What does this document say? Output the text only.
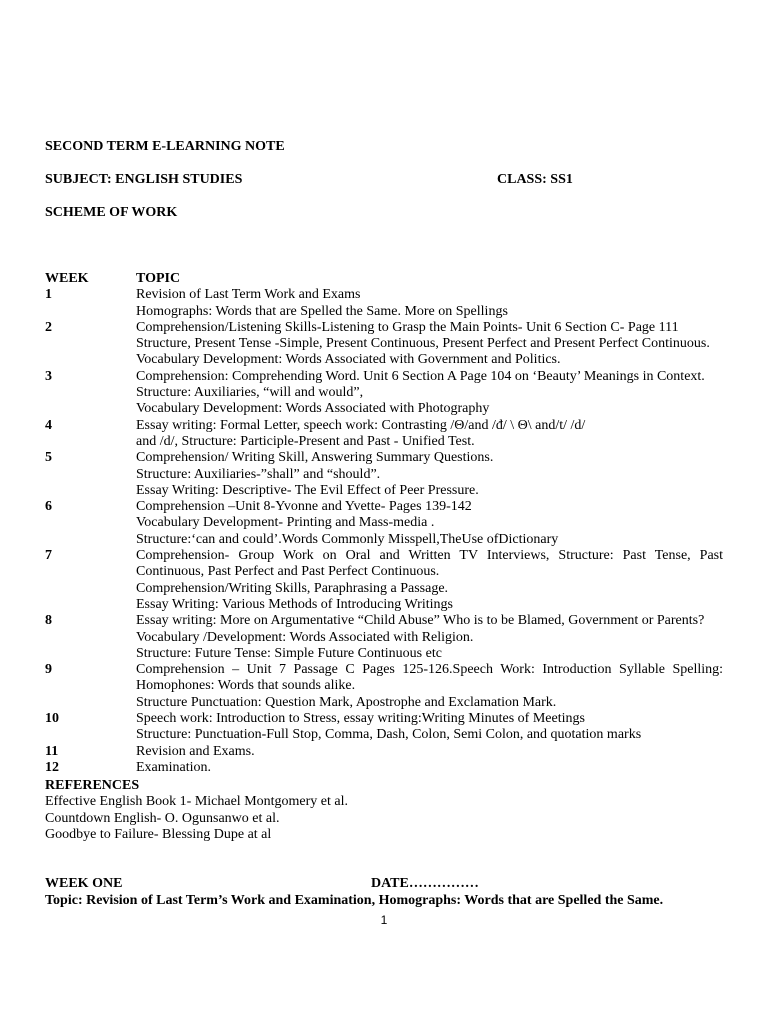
SECOND TERM E-LEARNING NOTE
SUBJECT: ENGLISH STUDIES	CLASS: SS1
SCHEME OF WORK
WEEK	TOPIC
1	Revision of Last Term Work and Exams
Homographs: Words that are Spelled the Same. More on Spellings
2	Comprehension/Listening Skills-Listening to Grasp the Main Points- Unit 6 Section C- Page 111
Structure, Present Tense -Simple, Present Continuous, Present Perfect and Present Perfect Continuous.
Vocabulary Development: Words Associated with Government and Politics.
3	Comprehension: Comprehending Word. Unit 6 Section A Page 104 on ‘Beauty’ Meanings in Context.
Structure: Auxiliaries, “will and would”,
Vocabulary Development: Words Associated with Photography
4	Essay writing: Formal Letter, speech work: Contrasting /Θ/and /đ/ \ Θ\ and/t/ /d/
and /d/, Structure: Participle-Present and Past - Unified Test.
5	Comprehension/ Writing Skill, Answering Summary Questions.
Structure: Auxiliaries-”shall” and “should”.
Essay Writing: Descriptive- The Evil Effect of Peer Pressure.
6	Comprehension –Unit 8-Yvonne and Yvette- Pages 139-142
Vocabulary Development- Printing and Mass-media .
Structure:‘can and could’.Words Commonly Misspell,TheUse ofDictionary
7	Comprehension- Group Work on Oral and Written TV Interviews, Structure: Past Tense, Past
Continuous, Past Perfect and Past Perfect Continuous.
Comprehension/Writing Skills, Paraphrasing a Passage.
Essay Writing: Various Methods of Introducing Writings
8	Essay writing: More on Argumentative “Child Abuse” Who is to be Blamed, Government or Parents?
Vocabulary /Development: Words Associated with Religion.
Structure: Future Tense: Simple Future Continuous etc
9	Comprehension – Unit 7 Passage C Pages 125-126.Speech Work: Introduction Syllable Spelling:
Homophones: Words that sounds alike.
Structure Punctuation: Question Mark, Apostrophe and Exclamation Mark.
10	Speech work: Introduction to Stress, essay writing:Writing Minutes of Meetings
Structure: Punctuation-Full Stop, Comma, Dash, Colon, Semi Colon, and quotation marks
11	Revision and Exams.
12	Examination.
REFERENCES
Effective English Book 1- Michael Montgomery et al.
Countdown English- O. Ogunsanwo et al.
Goodbye to Failure- Blessing Dupe at al
WEEK ONE	DATE……………
Topic: Revision of Last Term’s Work and Examination, Homographs: Words that are Spelled the Same.
1
